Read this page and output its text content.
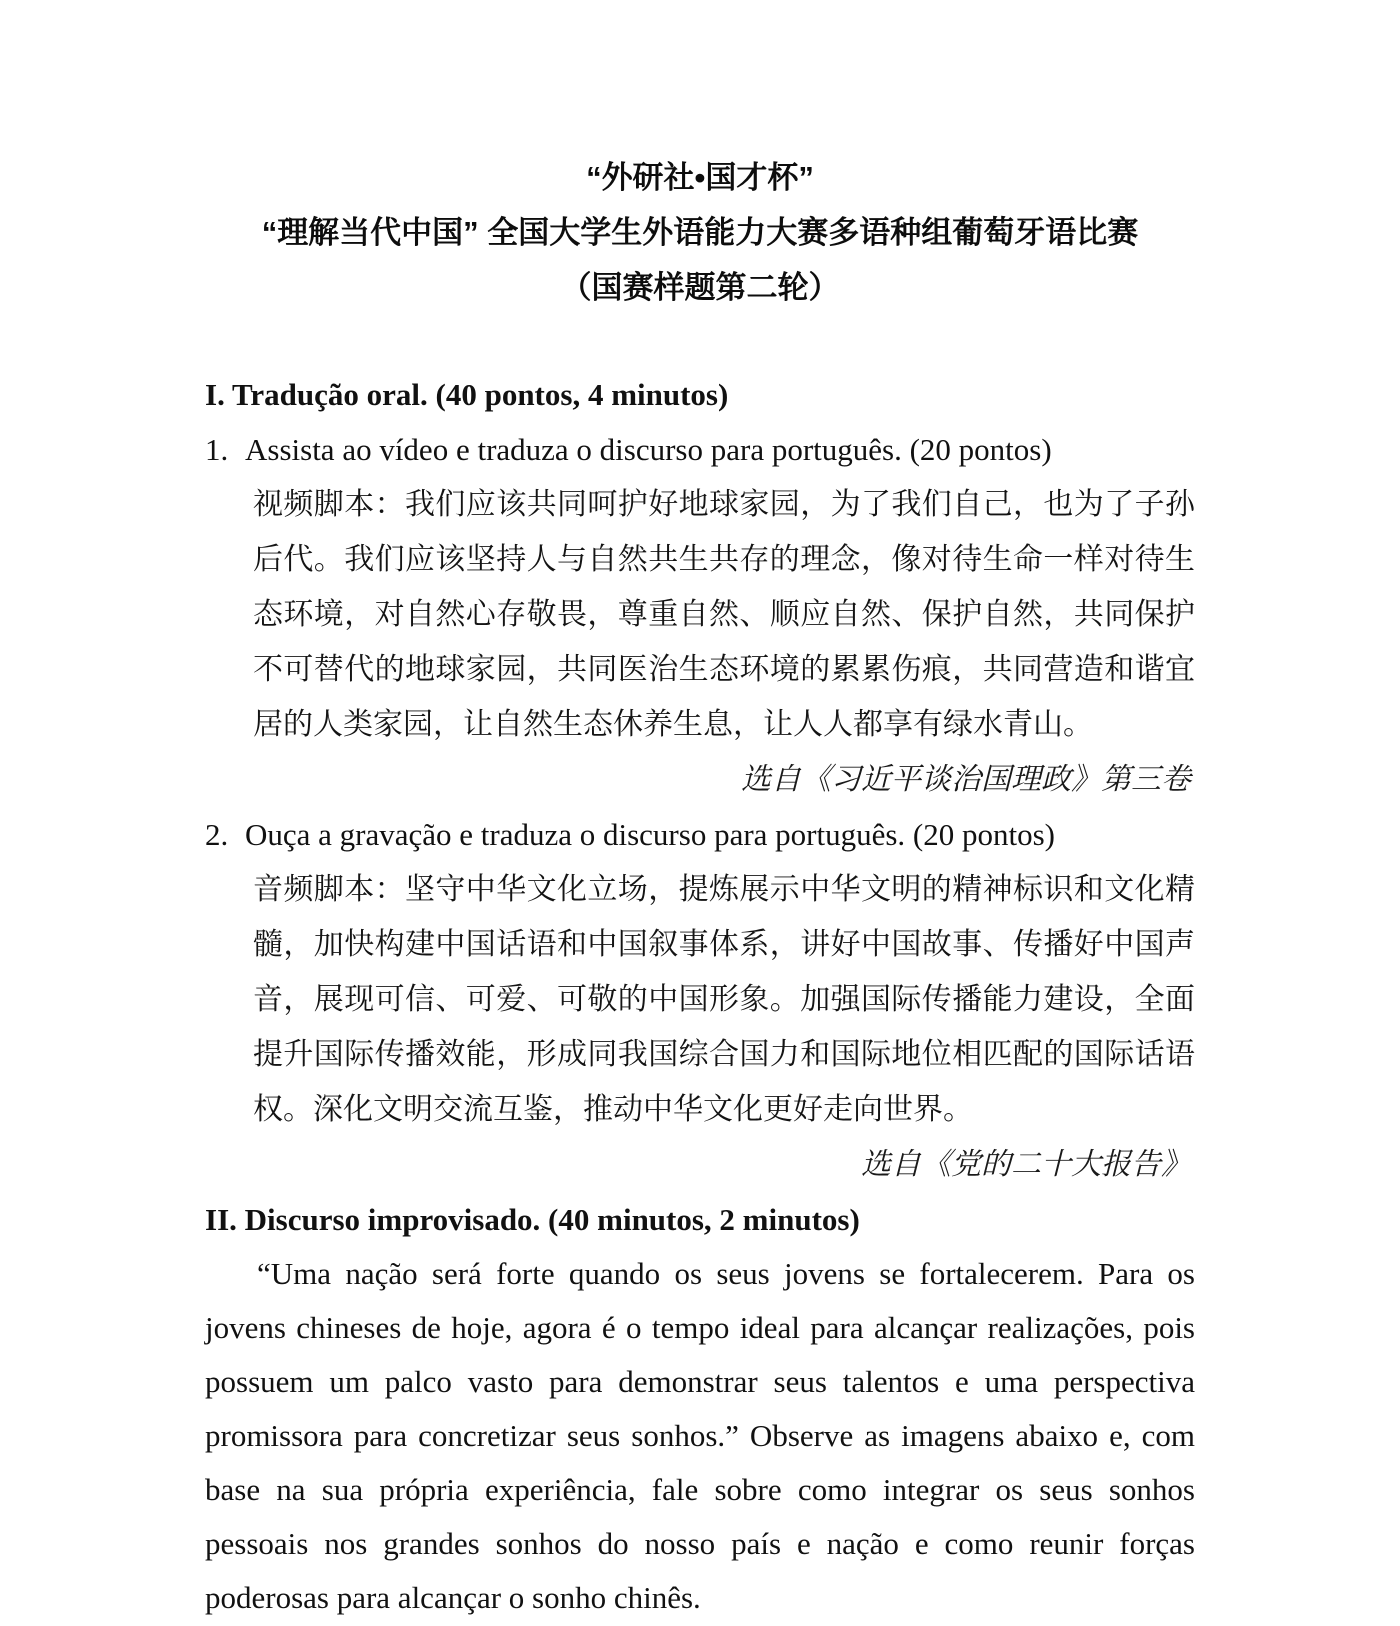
“外研社•国才杯”
“理解当代中国” 全国大学生外语能力大赛多语种组葡萄牙语比赛
（国赛样题第二轮）
I. Tradução oral. (40 pontos, 4 minutos)
1. Assista ao vídeo e traduza o discurso para português. (20 pontos)

视频脚本：我们应该共同呵护好地球家园，为了我们自己，也为了子孙后代。我们应该坚持人与自然共生共存的理念，像对待生命一样对待生态环境，对自然心存敬畏，尊重自然、顺应自然、保护自然，共同保护不可替代的地球家园，共同医治生态环境的累累伤痕，共同营造和谐宜居的人类家园，让自然生态休养生息，让人人都享有绿水青山。

选自《习近平谈治国理政》第三卷
2. Ouça a gravação e traduza o discurso para português. (20 pontos)

音频脚本：坚守中华文化立场，提炼展示中华文明的精神标识和文化精髓，加快构建中国话语和中国叙事体系，讲好中国故事、传播好中国声音，展现可信、可爱、可敬的中国形象。加强国际传播能力建设，全面提升国际传播效能，形成同我国综合国力和国际地位相匹配的国际话语权。深化文明交流互鉴，推动中华文化更好走向世界。

选自《党的二十大报告》
II. Discurso improvisado. (40 minutos, 2 minutos)

“Uma nação será forte quando os seus jovens se fortalecerem. Para os jovens chineses de hoje, agora é o tempo ideal para alcançar realizações, pois possuem um palco vasto para demonstrar seus talentos e uma perspectiva promissora para concretizar seus sonhos.” Observe as imagens abaixo e, com base na sua própria experiência, fale sobre como integrar os seus sonhos pessoais nos grandes sonhos do nosso país e nação e como reunir forças poderosas para alcançar o sonho chinês.
